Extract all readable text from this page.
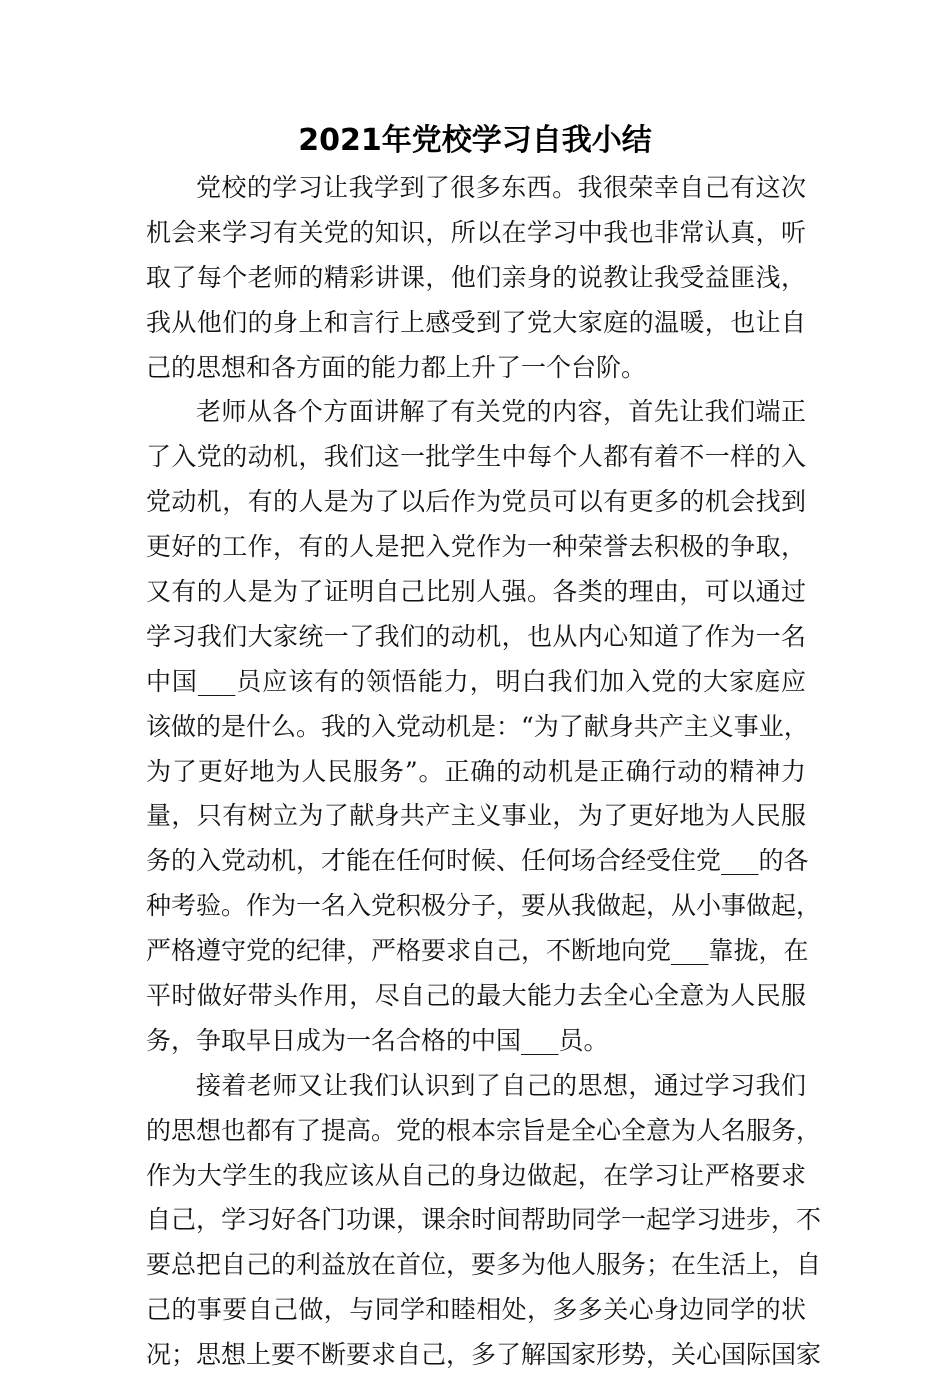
2021年党校学习自我小结
党校的学习让我学到了很多东西。我很荣幸自己有这次
机会来学习有关党的知识，所以在学习中我也非常认真，听
取了每个老师的精彩讲课，他们亲身的说教让我受益匪浅，
我从他们的身上和言行上感受到了党大家庭的温暖，也让自
己的思想和各方面的能力都上升了一个台阶。
老师从各个方面讲解了有关党的内容，首先让我们端正
了入党的动机，我们这一批学生中每个人都有着不一样的入
党动机，有的人是为了以后作为党员可以有更多的机会找到
更好的工作，有的人是把入党作为一种荣誉去积极的争取，
又有的人是为了证明自己比别人强。各类的理由，可以通过
学习我们大家统一了我们的动机，也从内心知道了作为一名
中国___员应该有的领悟能力，明白我们加入党的大家庭应
该做的是什么。我的入党动机是：“为了献身共产主义事业，
为了更好地为人民服务”。正确的动机是正确行动的精神力
量，只有树立为了献身共产主义事业，为了更好地为人民服
务的入党动机，才能在任何时候、任何场合经受住党___的各
种考验。作为一名入党积极分子，要从我做起，从小事做起，
严格遵守党的纪律，严格要求自己，不断地向党___靠拢，在
平时做好带头作用，尽自己的最大能力去全心全意为人民服
务，争取早日成为一名合格的中国___员。
接着老师又让我们认识到了自己的思想，通过学习我们
的思想也都有了提高。党的根本宗旨是全心全意为人名服务，
作为大学生的我应该从自己的身边做起，在学习让严格要求
自己，学习好各门功课，课余时间帮助同学一起学习进步，不
要总把自己的利益放在首位，要多为他人服务；在生活上，自
己的事要自己做，与同学和睦相处，多多关心身边同学的状
况；思想上要不断要求自己，多了解国家形势，关心国际国家
